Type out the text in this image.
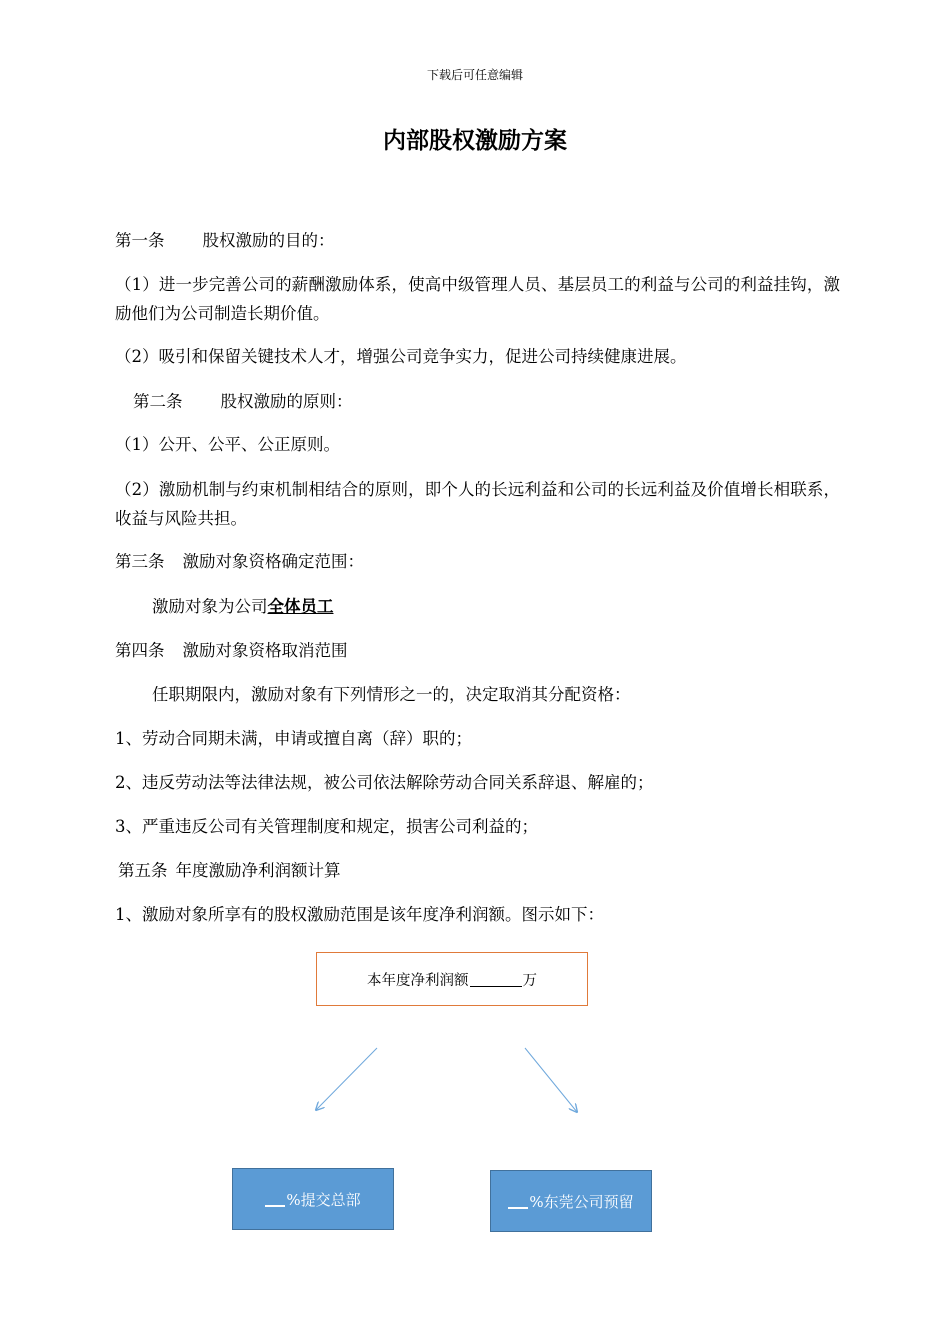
下载后可任意编辑
内部股权激励方案
第一条 股权激励的目的：
（1）进一步完善公司的薪酬激励体系，使高中级管理人员、基层员工的利益与公司的利益挂钩，激励他们为公司制造长期价值。
（2）吸引和保留关键技术人才，增强公司竞争实力，促进公司持续健康进展。
第二条 股权激励的原则：
（1）公开、公平、公正原则。
（2）激励机制与约束机制相结合的原则，即个人的长远利益和公司的长远利益及价值增长相联系，收益与风险共担。
第三条 激励对象资格确定范围：
激励对象为公司全体员工
第四条 激励对象资格取消范围
任职期限内，激励对象有下列情形之一的，决定取消其分配资格：
1、劳动合同期未满，申请或擅自离（辞）职的；
2、违反劳动法等法律法规，被公司依法解除劳动合同关系辞退、解雇的；
3、严重违反公司有关管理制度和规定，损害公司利益的；
第五条 年度激励净利润额计算
1、激励对象所享有的股权激励范围是该年度净利润额。图示如下：
本年度净利润额	万
%提交总部	%东莞公司预留
